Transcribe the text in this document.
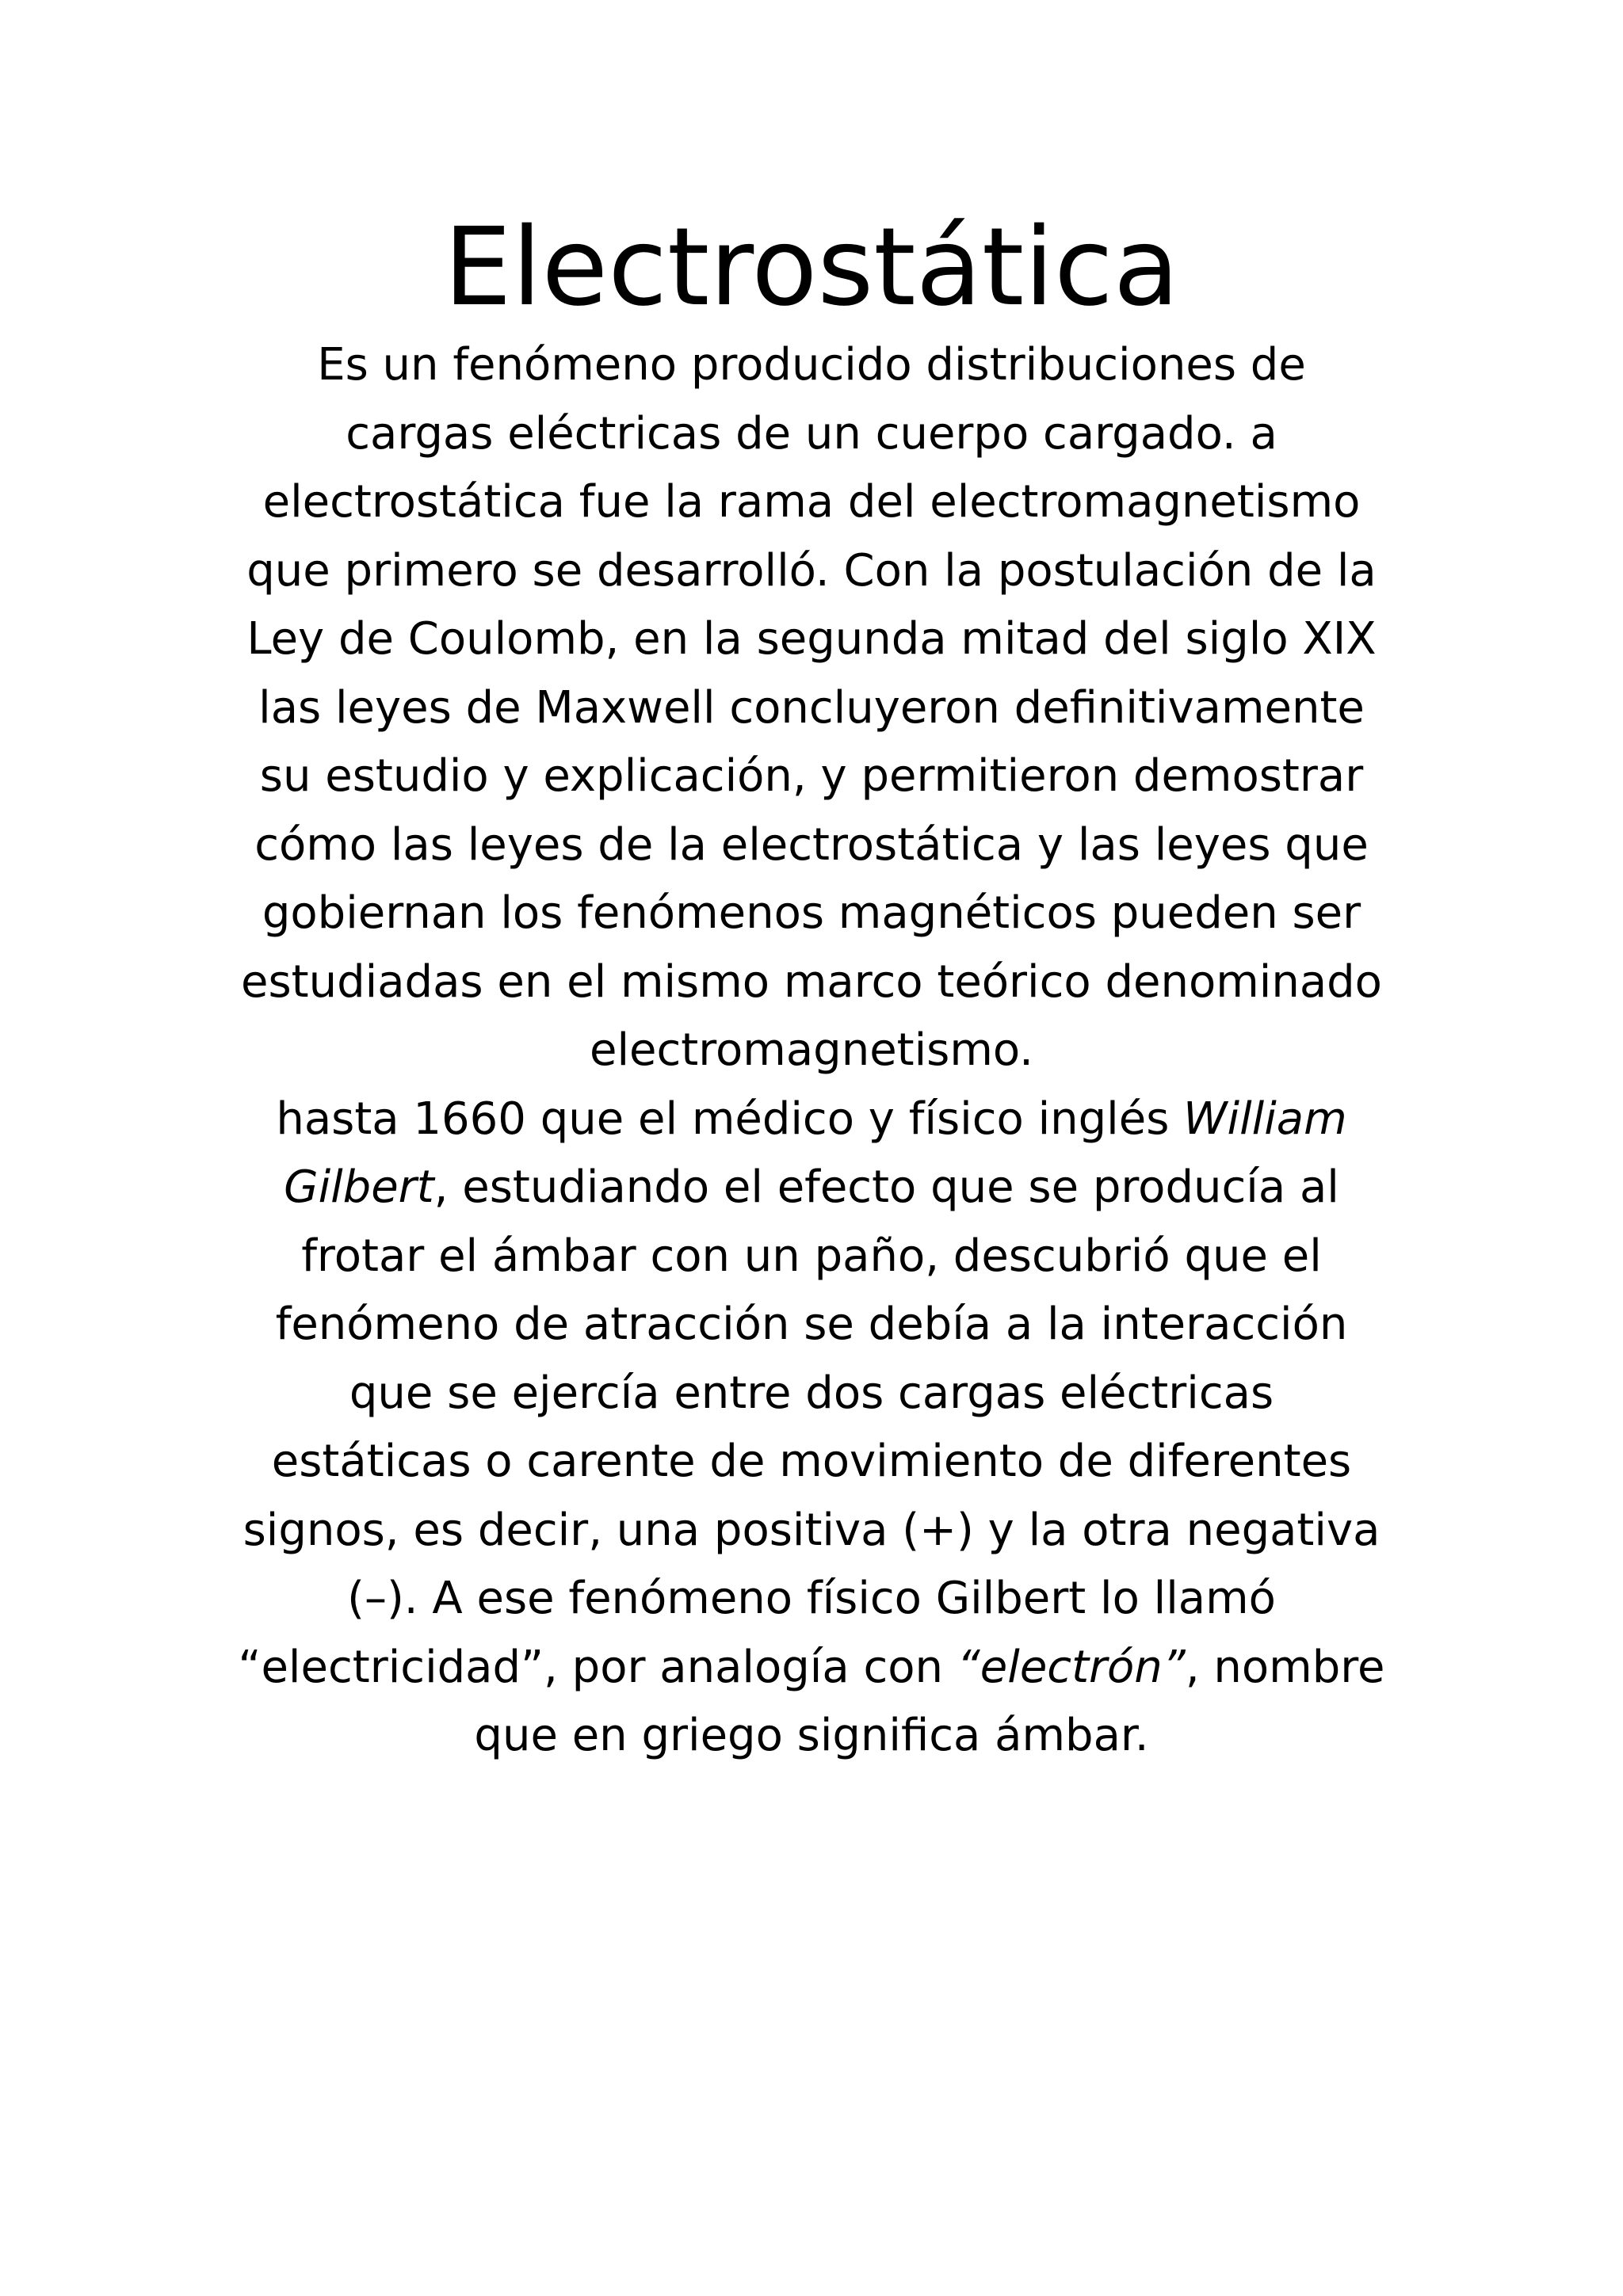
Electrostática
Es un fenómeno producido distribuciones de
cargas eléctricas de un cuerpo cargado. a
electrostática fue la rama del electromagnetismo
que primero se desarrolló. Con la postulación de la
Ley de Coulomb, en la segunda mitad del siglo XIX
las leyes de Maxwell concluyeron definitivamente
su estudio y explicación, y permitieron demostrar
cómo las leyes de la electrostática y las leyes que
gobiernan los fenómenos magnéticos pueden ser
estudiadas en el mismo marco teórico denominado
electromagnetismo.
hasta 1660 que el médico y físico inglés William
Gilbert, estudiando el efecto que se producía al
frotar el ámbar con un paño, descubrió que el
fenómeno de atracción se debía a la interacción
que se ejercía entre dos cargas eléctricas
estáticas o carente de movimiento de diferentes
signos, es decir, una positiva (+) y la otra negativa
(–). A ese fenómeno físico Gilbert lo llamó
“electricidad”, por analogía con “electrón”, nombre
que en griego significa ámbar.
